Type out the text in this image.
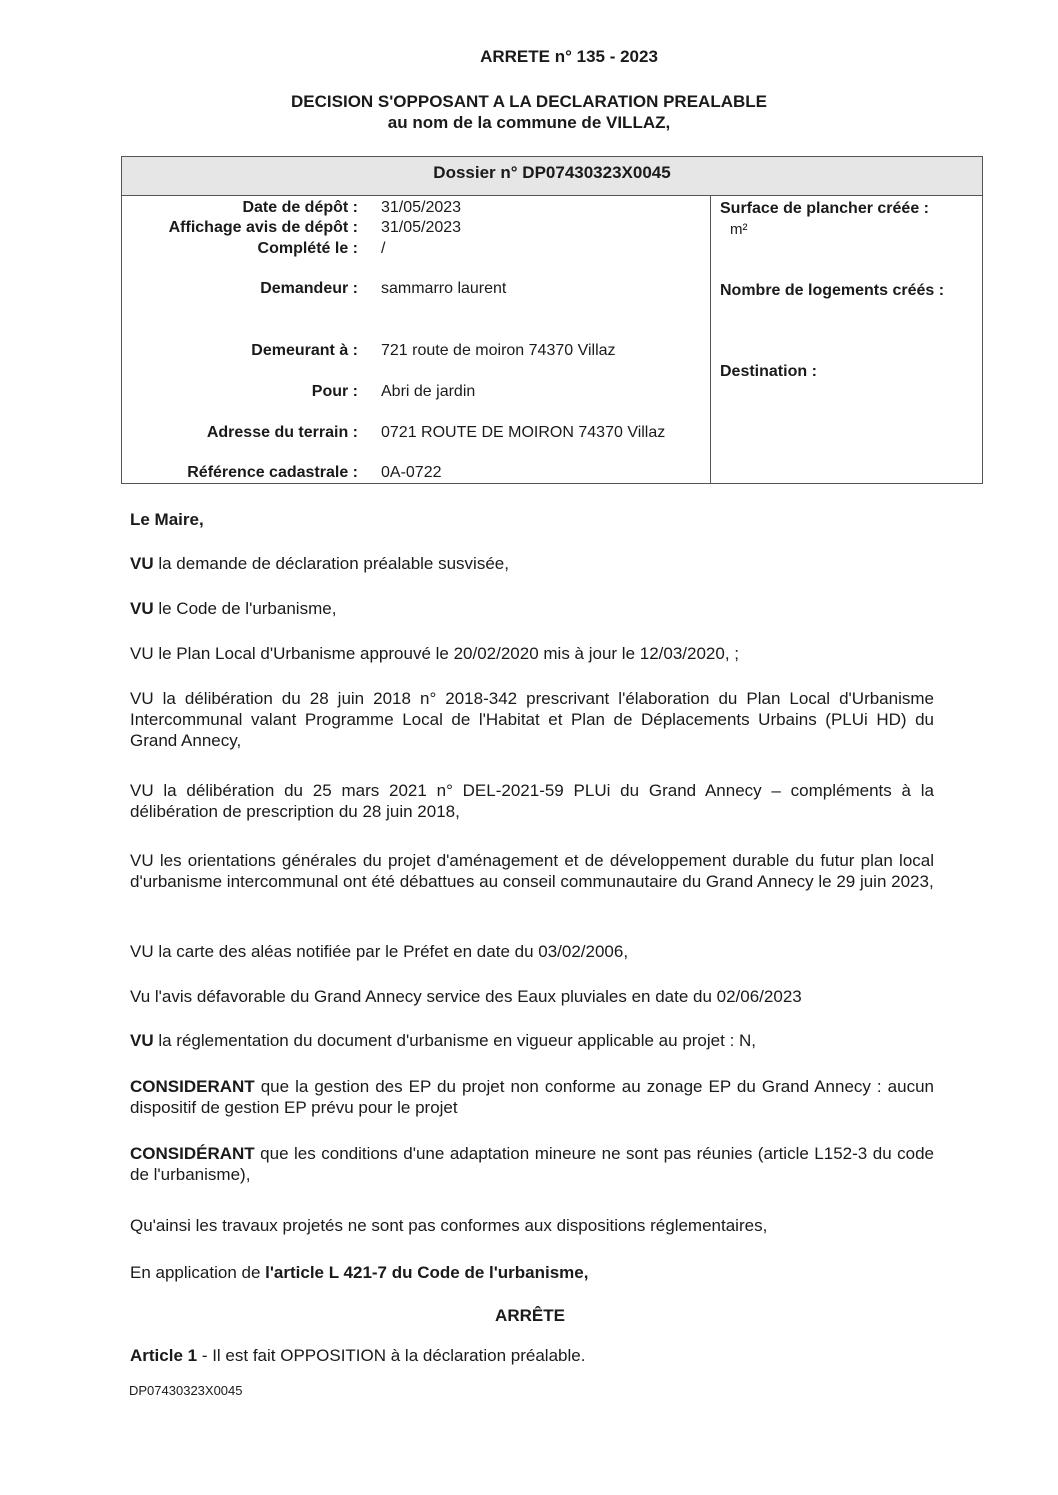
ARRETE n° 135 - 2023
DECISION S'OPPOSANT A LA DECLARATION PREALABLE
au nom de la commune de VILLAZ,
Dossier n° DP07430323X0045
Date de dépôt : 31/05/2023
Affichage avis de dépôt : 31/05/2023
Complété le : /
Demandeur : sammarro laurent
Demeurant à : 721 route de moiron 74370 Villaz
Pour : Abri de jardin
Adresse du terrain : 0721 ROUTE DE MOIRON 74370 Villaz
Référence cadastrale : 0A-0722
Surface de plancher créée :
m²
Nombre de logements créés :
Destination :

Le Maire,

VU la demande de déclaration préalable susvisée,

VU le Code de l'urbanisme,

VU le Plan Local d'Urbanisme approuvé le 20/02/2020 mis à jour le 12/03/2020, ;

VU la délibération du 28 juin 2018 n° 2018-342 prescrivant l'élaboration du Plan Local d'Urbanisme Intercommunal valant Programme Local de l'Habitat et Plan de Déplacements Urbains (PLUi HD) du Grand Annecy,

VU la délibération du 25 mars 2021 n° DEL-2021-59 PLUi du Grand Annecy – compléments à la délibération de prescription du 28 juin 2018,

VU les orientations générales du projet d'aménagement et de développement durable du futur plan local d'urbanisme intercommunal ont été débattues au conseil communautaire du Grand Annecy le 29 juin 2023,

VU la carte des aléas notifiée par le Préfet en date du 03/02/2006,

Vu l'avis défavorable du Grand Annecy service des Eaux pluviales en date du 02/06/2023

VU la réglementation du document d'urbanisme en vigueur applicable au projet : N,

CONSIDERANT que la gestion des EP du projet non conforme au zonage EP du Grand Annecy : aucun dispositif de gestion EP prévu pour le projet

CONSIDÉRANT que les conditions d'une adaptation mineure ne sont pas réunies (article L152-3 du code de l'urbanisme),

Qu'ainsi les travaux projetés ne sont pas conformes aux dispositions réglementaires,

En application de l'article L 421-7 du Code de l'urbanisme,

ARRÊTE

Article 1 - Il est fait OPPOSITION à la déclaration préalable.

DP07430323X0045
